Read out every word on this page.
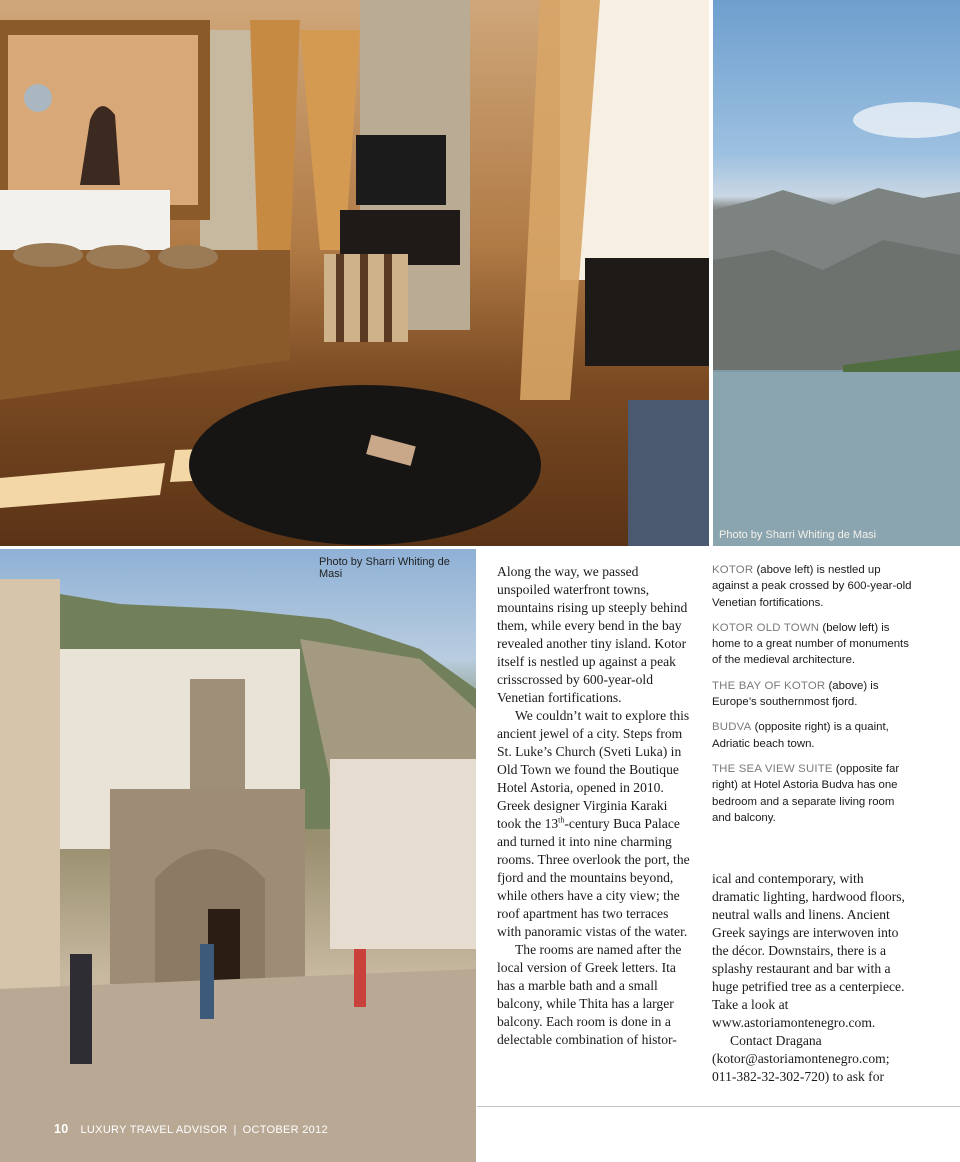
Photo by Sharri Whiting de Masi
Photo by Sharri Whiting de Masi
10 LUXURY TRAVEL ADVISOR | OCTOBER 2012

Along the way, we passed unspoiled waterfront towns, mountains rising up steeply behind them, while every bend in the bay revealed another tiny island. Kotor itself is nestled up against a peak crisscrossed by 600-year-old Venetian fortifications.

We couldn’t wait to explore this ancient jewel of a city. Steps from St. Luke’s Church (Sveti Luka) in Old Town we found the Boutique Hotel Astoria, opened in 2010. Greek designer Virginia Karaki took the 13th-century Buca Palace and turned it into nine charming rooms. Three overlook the port, the fjord and the mountains beyond, while others have a city view; the roof apartment has two terraces with panoramic vistas of the water.

The rooms are named after the local version of Greek letters. Ita has a marble bath and a small balcony, while Thita has a larger balcony. Each room is done in a delectable combination of histor-

KOTOR (above left) is nestled up against a peak crossed by 600-year-old Venetian fortifications.

KOTOR OLD TOWN (below left) is home to a great number of monuments of the medieval architecture.

THE BAY OF KOTOR (above) is Europe’s southernmost fjord.

BUDVA (opposite right) is a quaint, Adriatic beach town.

THE SEA VIEW SUITE (opposite far right) at Hotel Astoria Budva has one bedroom and a separate living room and balcony.

ical and contemporary, with dramatic lighting, hardwood floors, neutral walls and linens. Ancient Greek sayings are interwoven into the décor. Downstairs, there is a splashy restaurant and bar with a huge petrified tree as a centerpiece. Take a look at www.astoriamontenegro.com.

Contact Dragana (kotor@astoriamontenegro.com; 011-382-32-302-720) to ask for
